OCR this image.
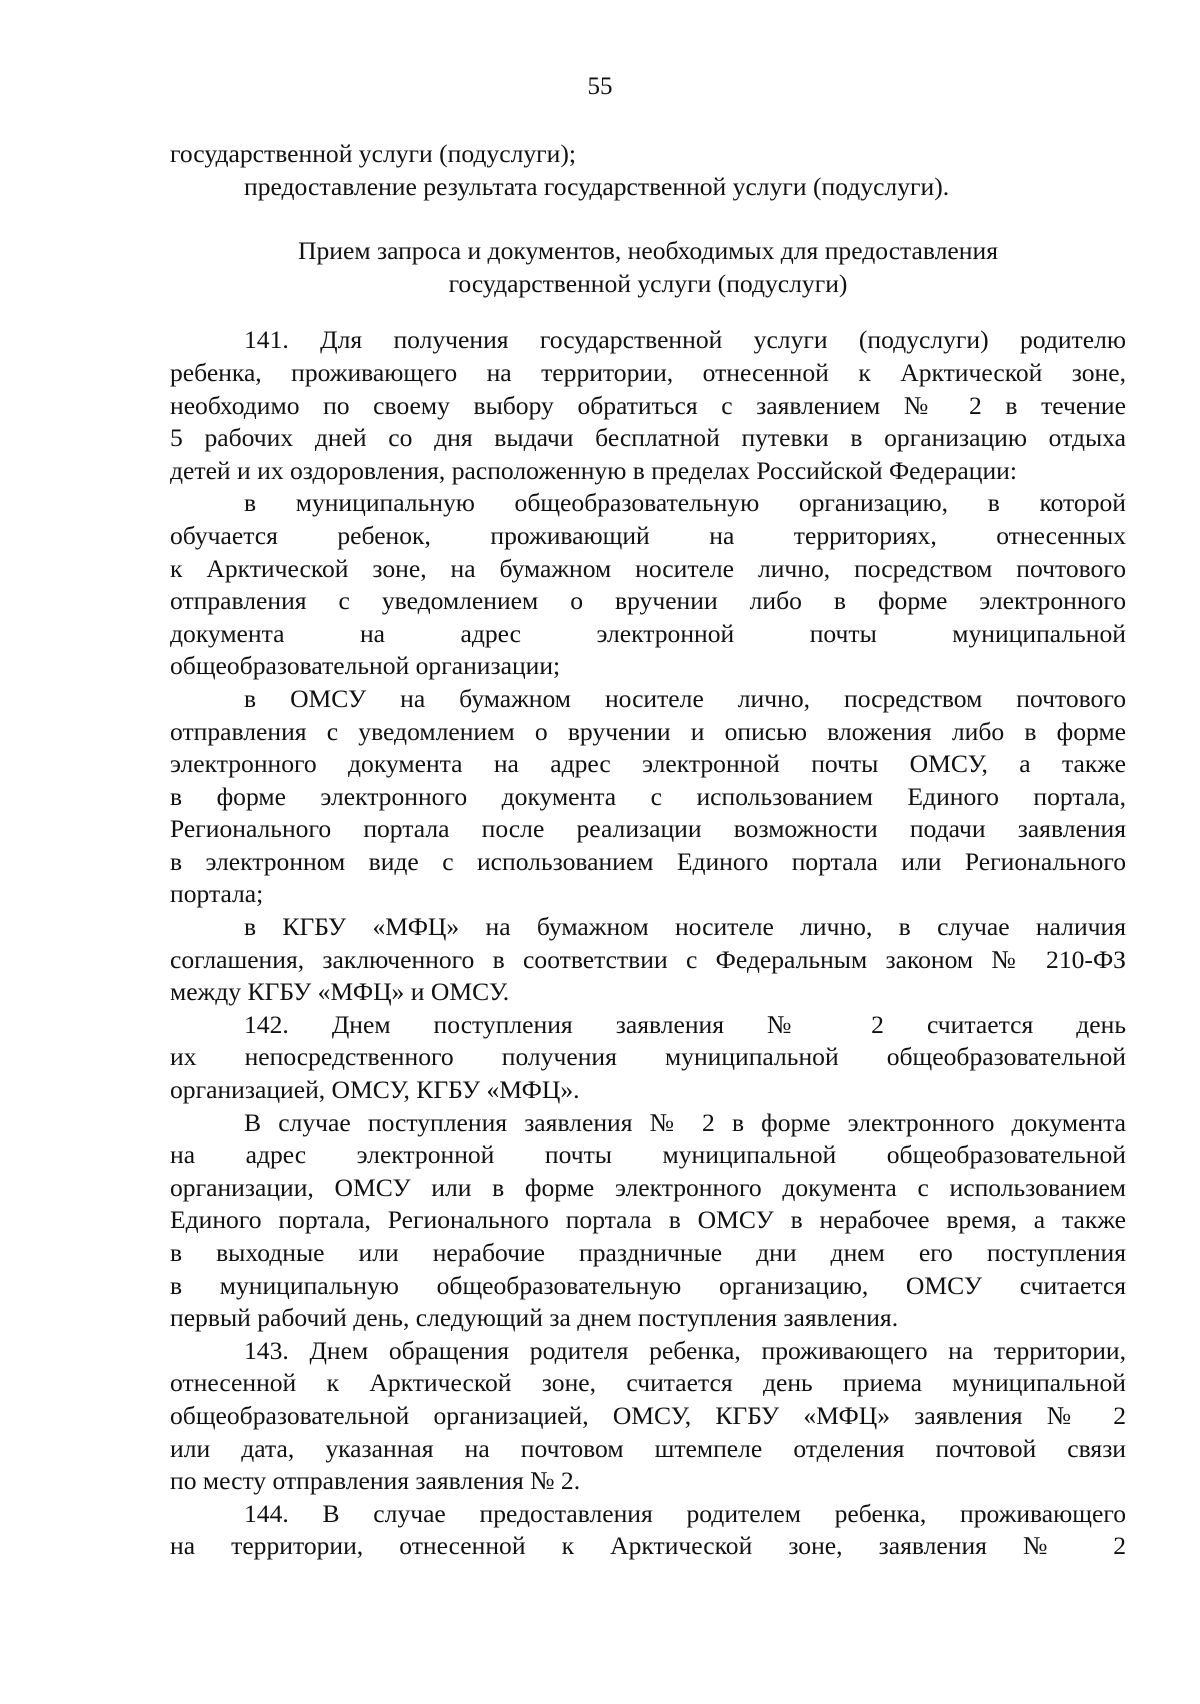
55
государственной услуги (подуслуги);
предоставление результата государственной услуги (подуслуги).
Прием запроса и документов, необходимых для предоставления
государственной услуги (подуслуги)
141. Для получения государственной услуги (подуслуги) родителю
ребенка, проживающего на территории, отнесенной к Арктической зоне,
необходимо по своему выбору обратиться с заявлением № 2 в течение
5 рабочих дней со дня выдачи бесплатной путевки в организацию отдыха
детей и их оздоровления, расположенную в пределах Российской Федерации:
в муниципальную общеобразовательную организацию, в которой
обучается ребенок, проживающий на территориях, отнесенных
к Арктической зоне, на бумажном носителе лично, посредством почтового
отправления с уведомлением о вручении либо в форме электронного
документа на адрес электронной почты муниципальной
общеобразовательной организации;
в ОМСУ на бумажном носителе лично, посредством почтового
отправления с уведомлением о вручении и описью вложения либо в форме
электронного документа на адрес электронной почты ОМСУ, а также
в форме электронного документа с использованием Единого портала,
Регионального портала после реализации возможности подачи заявления
в электронном виде с использованием Единого портала или Регионального
портала;
в КГБУ «МФЦ» на бумажном носителе лично, в случае наличия
соглашения, заключенного в соответствии с Федеральным законом № 210-ФЗ
между КГБУ «МФЦ» и ОМСУ.
142. Днем поступления заявления № 2 считается день
их непосредственного получения муниципальной общеобразовательной
организацией, ОМСУ, КГБУ «МФЦ».
В случае поступления заявления № 2 в форме электронного документа
на адрес электронной почты муниципальной общеобразовательной
организации, ОМСУ или в форме электронного документа с использованием
Единого портала, Регионального портала в ОМСУ в нерабочее время, а также
в выходные или нерабочие праздничные дни днем его поступления
в муниципальную общеобразовательную организацию, ОМСУ считается
первый рабочий день, следующий за днем поступления заявления.
143. Днем обращения родителя ребенка, проживающего на территории,
отнесенной к Арктической зоне, считается день приема муниципальной
общеобразовательной организацией, ОМСУ, КГБУ «МФЦ» заявления № 2
или дата, указанная на почтовом штемпеле отделения почтовой связи
по месту отправления заявления № 2.
144. В случае предоставления родителем ребенка, проживающего
на территории, отнесенной к Арктической зоне, заявления № 2
